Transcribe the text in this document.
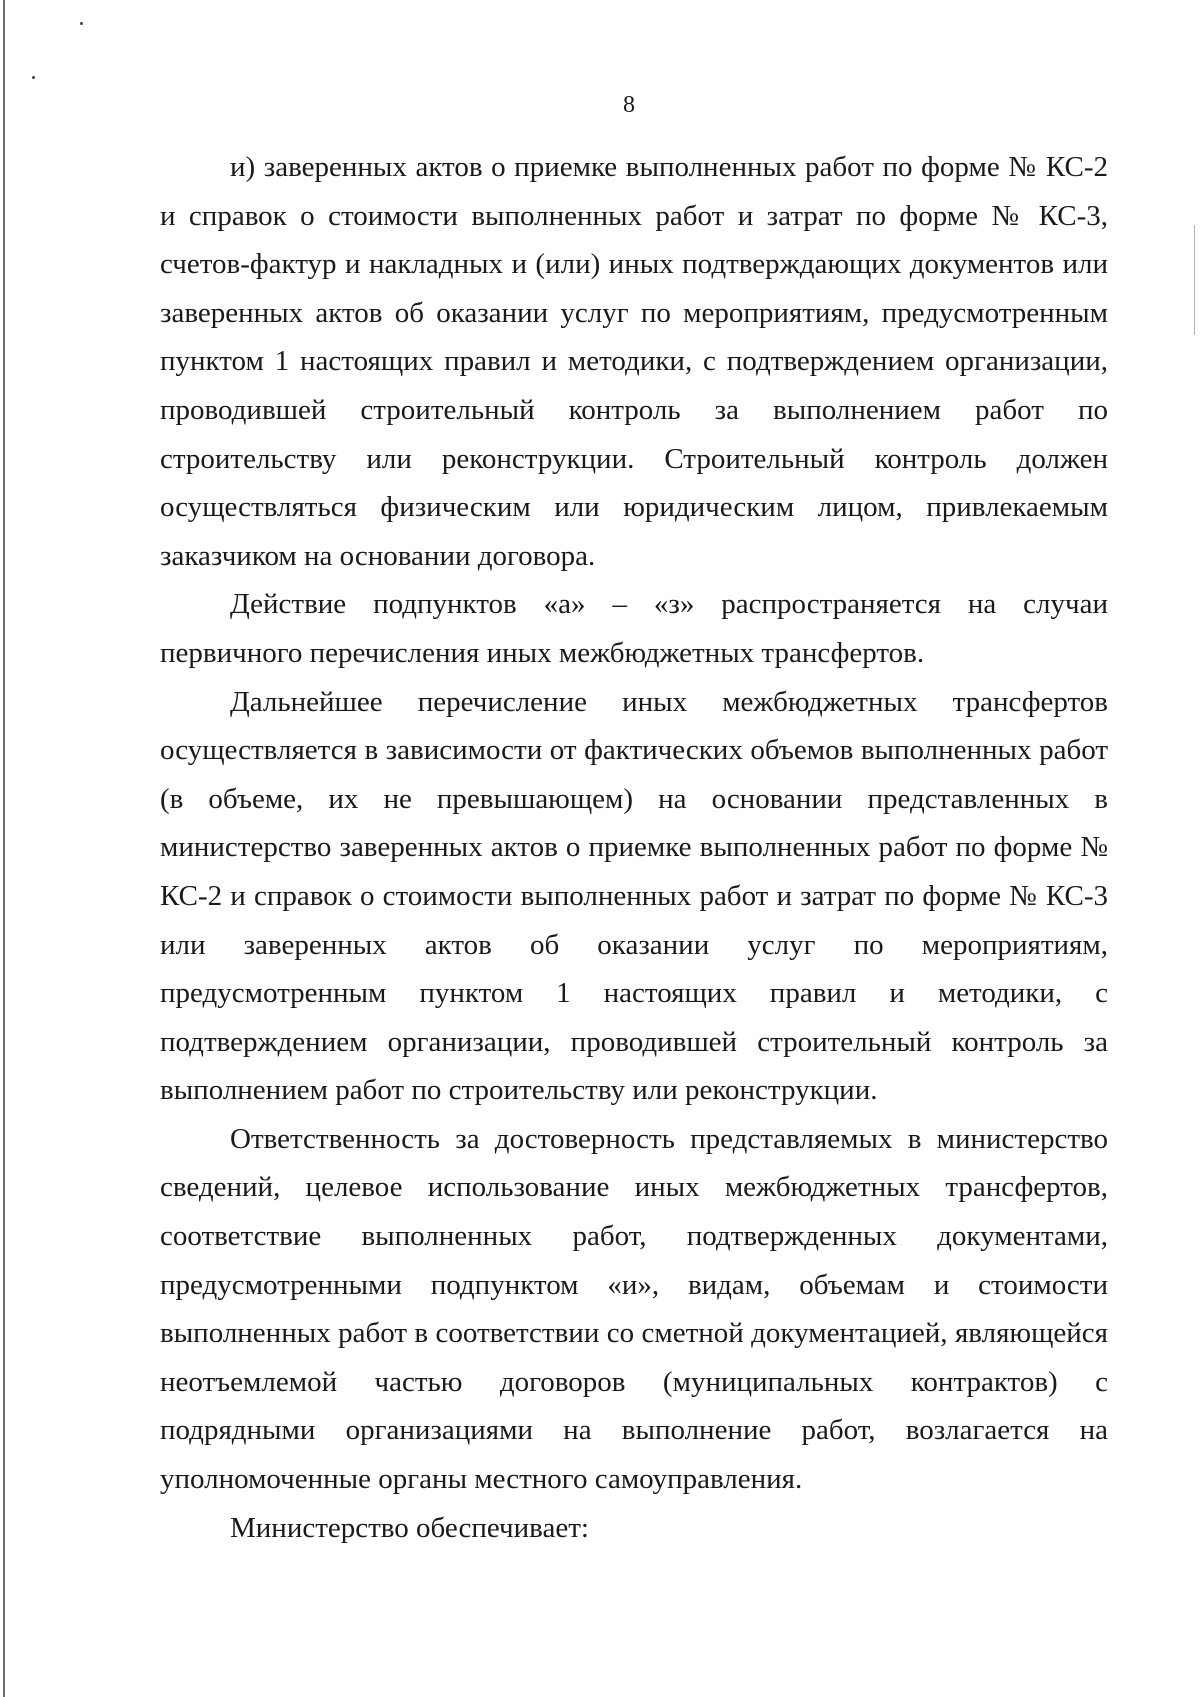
8

и) заверенных актов о приемке выполненных работ по форме № КС-2 и справок о стоимости выполненных работ и затрат по форме № КС-3, счетов-фактур и накладных и (или) иных подтверждающих документов или заверенных актов об оказании услуг по мероприятиям, предусмотренным пунктом 1 настоящих правил и методики, с подтверждением организации, проводившей строительный контроль за выполнением работ по строительству или реконструкции. Строительный контроль должен осуществляться физическим или юридическим лицом, привлекаемым заказчиком на основании договора.

Действие подпунктов «а» – «з» распространяется на случаи первичного перечисления иных межбюджетных трансфертов.

Дальнейшее перечисление иных межбюджетных трансфертов осуществляется в зависимости от фактических объемов выполненных работ (в объеме, их не превышающем) на основании представленных в министерство заверенных актов о приемке выполненных работ по форме № КС-2 и справок о стоимости выполненных работ и затрат по форме № КС-3 или заверенных актов об оказании услуг по мероприятиям, предусмотренным пунктом 1 настоящих правил и методики, с подтверждением организации, проводившей строительный контроль за выполнением работ по строительству или реконструкции.

Ответственность за достоверность представляемых в министерство сведений, целевое использование иных межбюджетных трансфертов, соответствие выполненных работ, подтвержденных документами, предусмотренными подпунктом «и», видам, объемам и стоимости выполненных работ в соответствии со сметной документацией, являющейся неотъемлемой частью договоров (муниципальных контрактов) с подрядными организациями на выполнение работ, возлагается на уполномоченные органы местного самоуправления.

Министерство обеспечивает:
